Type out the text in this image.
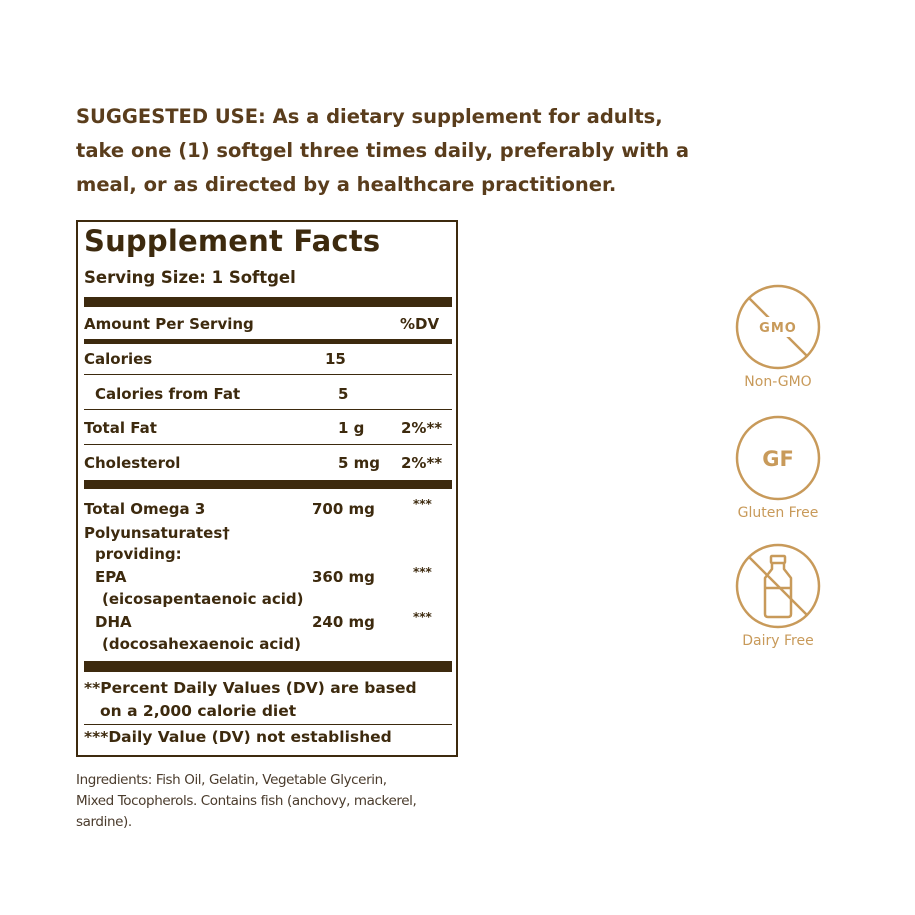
SUGGESTED USE: As a dietary supplement for adults,
take one (1) softgel three times daily, preferably with a
meal, or as directed by a healthcare practitioner.
Supplement Facts
Serving Size: 1 Softgel
Amount Per Serving	%DV
Calories	15
Calories from Fat	5
Total Fat	1 g 2%**
Cholesterol	5 mg 2%**
Total Omega 3	700 mg	***
Polyunsaturates†
providing:
EPA	360 mg	***
(eicosapentaenoic acid)
DHA	240 mg	***
(docosahexaenoic acid)
**Percent Daily Values (DV) are based
on a 2,000 calorie diet
***Daily Value (DV) not established
Ingredients: Fish Oil, Gelatin, Vegetable Glycerin,
Mixed Tocopherols. Contains fish (anchovy, mackerel,
sardine).
GMO
Non-GMO
GF
Gluten Free
Dairy Free
